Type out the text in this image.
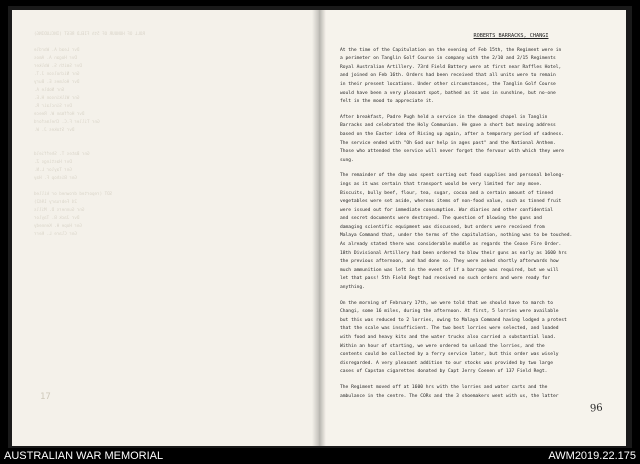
ROLL OF HONOUR OF 5th FIELD REGT (INCLUDING)

Dvr Lead A. Wardle
Dvr Hogan A. Amos
Dvr Smith S. Walker
Gnr Nicholson J.T.
Dvr Holmes E. Bury
Gnr Noble A.
Gnr Wilkinson H.E.
Dvr Sinclair R.
Dvr Hoffman W. Reece
Gnr Tiller F.C. Chelmsford
Dvr Stokes J. W.

Gnr Bates T. Sheffield
Dvr Hastings Z.
Gnr Taylor L.N.
Gnr Bishop F. Hay

SDT (reported drowned or killed
24 February 1942)
Gnr Gunners D. Mills
Dvr Jack B. Taylor
Gnr Hope H. Kennedy
Gnr Clare L. Kerr
17
ROBERTS BARRACKS, CHANGI

At the time of the Capitulation on the evening of Feb 15th, the Regiment were in
a perimeter on Tanglin Golf Course in company with the 2/10 and 2/15 Regiments
Royal Australian Artillery. 73rd Field Battery were at first near Raffles Hotel,
and joined on Feb 16th. Orders had been received that all units were to remain
in their present locations. Under other circumstances, the Tanglin Golf Course
would have been a very pleasant spot, bathed as it was in sunshine, but no-one
felt in the mood to appreciate it.

After breakfast, Padre Pugh held a service in the damaged chapel in Tanglin
Barracks and celebrated the Holy Communion. He gave a short but moving address
based on the Easter idea of Rising up again, after a temporary period of sadness.
The service ended with "Oh God our help in ages past" and the National Anthem.
Those who attended the service will never forget the fervour with which they were
sung.

The remainder of the day was spent sorting out food supplies and personal belong-
ings as it was certain that transport would be very limited for any move.
Biscuits, bully beef, flour, tea, sugar, cocoa and a certain amount of tinned
vegetables were set aside, whereas items of non-food value, such as tinned fruit
were issued out for immediate consumption. War diaries and other confidential
and secret documents were destroyed. The question of blowing the guns and
damaging scientific equipment was discussed, but orders were received from
Malaya Command that, under the terms of the capitulation, nothing was to be touched.
As already stated there was considerable muddle as regards the Cease Fire Order.
18th Divisional Artillery had been ordered to blow their guns as early as 1600 hrs
the previous afternoon, and had done so. They were asked shortly afterwards how
much ammunition was left in the event of if a barrage was required, but we will
let that pass! 5th Field Regt had received no such orders and were ready for
anything.

On the morning of February 17th, we were told that we should have to march to
Changi, some 16 miles, during the afternoon. At first, 5 lorries were available
but this was reduced to 2 lorries, owing to Malaya Command having lodged a protest
that the scale was insufficient. The two best lorries were selected, and loaded
with food and heavy kits and the water trucks also carried a substantial load.
Within an hour of starting, we were ordered to unload the lorries, and the
contents could be collected by a ferry service later, but this order was wisely
disregarded. A very pleasant addition to our stocks was provided by two large
cases of Capstan cigarettes donated by Capt Jerry Coenen of 137 Field Regt.

The Regiment moved off at 1600 hrs with the lorries and water carts and the
ambulance in the centre. The CORs and the 3 shoemakers went with us, the latter

96
AUSTRALIAN WAR MEMORIAL	AWM2019.22.175
